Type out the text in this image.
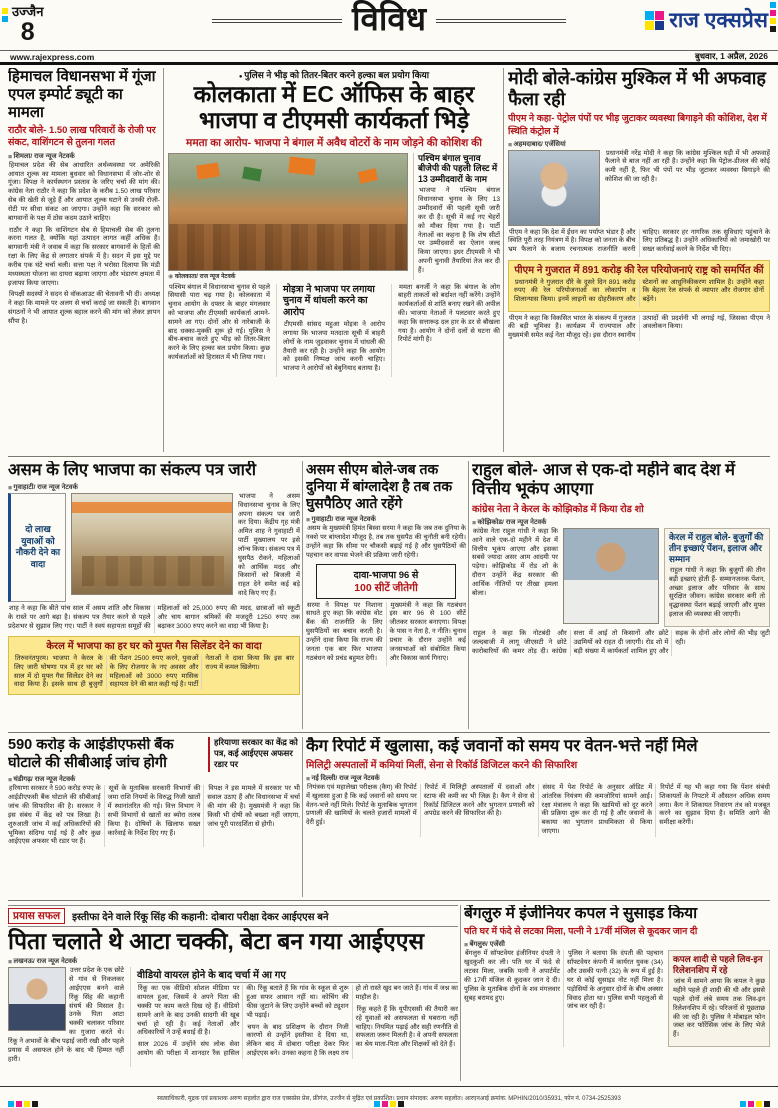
उज्जैन
8	विविध	राज एक्सप्रेस
www.rajexpress.com	बुधवार, 1 अप्रैल, 2026
हिमाचल विधानसभा में गूंजा एपल इम्पोर्ट ड्यूटी का मामला
राठौर बोले- 1.50 लाख परिवारों के रोजी पर संकट, वाशिंगटन से तुलना गलत
◼ शिमला/ राज न्यूज नेटवर्क

हिमाचल प्रदेश की सेब आधारित अर्थव्यवस्था पर अमेरिकी आयात शुल्क का मामला बुधवार को विधानसभा में जोर-शोर से गूंजा। विपक्ष ने कार्यस्थगन प्रस्ताव के जरिए चर्चा की मांग की। कांग्रेस नेता राठौर ने कहा कि प्रदेश के करीब 1.50 लाख परिवार सेब की खेती से जुड़े हैं और आयात शुल्क घटाने से उनकी रोजी-रोटी पर सीधा संकट आ जाएगा। उन्होंने कहा कि सरकार को बागवानों के पक्ष में ठोस कदम उठाने चाहिए।

राठौर ने कहा कि वाशिंगटन सेब से हिमाचली सेब की तुलना करना गलत है, क्योंकि यहां उत्पादन लागत कहीं अधिक है। बागवानी मंत्री ने जवाब में कहा कि सरकार बागवानों के हितों की रक्षा के लिए केंद्र से लगातार संपर्क में है। सदन में इस मुद्दे पर करीब एक घंटे चर्चा चली। सत्ता पक्ष ने भरोसा दिलाया कि मंडी मध्यस्थता योजना का दायरा बढ़ाया जाएगा और भंडारण क्षमता में इजाफा किया जाएगा।

विपक्षी सदस्यों ने सदन से वॉकआउट की चेतावनी भी दी। अध्यक्ष ने कहा कि मामले पर अलग से चर्चा कराई जा सकती है। बागवान संगठनों ने भी आयात शुल्क बहाल करने की मांग को लेकर ज्ञापन सौंपा है।

● पुलिस ने भीड़ को तितर-बितर करने हल्का बल प्रयोग किया
कोलकाता में EC ऑफिस के बाहर भाजपा व टीएमसी कार्यकर्ता भिड़े
ममता का आरोप- भाजपा ने बंगाल में अवैध वोटरों के नाम जोड़ने की कोशिश की
◉ कोलकाता/ राज न्यूज नेटवर्क
पश्चिम बंगाल चुनाव बीजेपी की पहली लिस्ट में 13 उम्मीदवारों के नाम

भाजपा ने पश्चिम बंगाल विधानसभा चुनाव के लिए 13 उम्मीदवारों की पहली सूची जारी कर दी है। सूची में कई नए चेहरों को मौका दिया गया है। पार्टी नेताओं का कहना है कि शेष सीटों पर उम्मीदवारों का ऐलान जल्द किया जाएगा। इधर टीएमसी ने भी अपनी चुनावी तैयारियां तेज कर दी हैं।

पश्चिम बंगाल में विधानसभा चुनाव से पहले सियासी पारा चढ़ गया है। कोलकाता में चुनाव आयोग के दफ्तर के बाहर मंगलवार को भाजपा और टीएमसी कार्यकर्ता आमने-सामने आ गए। दोनों ओर से नारेबाजी के बाद धक्का-मुक्की शुरू हो गई। पुलिस ने बीच-बचाव करते हुए भीड़ को तितर-बितर करने के लिए हल्का बल प्रयोग किया। कुछ कार्यकर्ताओं को हिरासत में भी लिया गया।

मोइत्रा ने भाजपा पर लगाया चुनाव में धांधली करने का आरोप

टीएमसी सांसद महुआ मोइत्रा ने आरोप लगाया कि भाजपा मतदाता सूची में बाहरी लोगों के नाम जुड़वाकर चुनाव में धांधली की तैयारी कर रही है। उन्होंने कहा कि आयोग को इसकी निष्पक्ष जांच करनी चाहिए। भाजपा ने आरोपों को बेबुनियाद बताया है।

ममता बनर्जी ने कहा कि बंगाल के लोग बाहरी ताकतों को बर्दाश्त नहीं करेंगे। उन्होंने कार्यकर्ताओं से शांति बनाए रखने की अपील की। भाजपा नेताओं ने पलटवार करते हुए कहा कि सत्तारूढ़ दल हार के डर से बौखला गया है। आयोग ने दोनों दलों से घटना की रिपोर्ट मांगी है।

मोदी बोले-कांग्रेस मुश्किल में भी अफवाह फैला रही
पीएम ने कहा- पेट्रोल पंपों पर भीड़ जुटाकर व्यवस्था बिगाड़ने की कोशिश, देश में स्थिति कंट्रोल में
◼ अहमदाबाद/ एजेंसियां

प्रधानमंत्री नरेंद्र मोदी ने कहा कि कांग्रेस मुश्किल घड़ी में भी अफवाहें फैलाने से बाज नहीं आ रही है। उन्होंने कहा कि पेट्रोल-डीजल की कोई कमी नहीं है, फिर भी पंपों पर भीड़ जुटाकर व्यवस्था बिगाड़ने की कोशिश की जा रही है।

पीएम ने कहा कि देश में ईंधन का पर्याप्त भंडार है और स्थिति पूरी तरह नियंत्रण में है। विपक्ष को जनता के बीच भ्रम फैलाने के बजाय रचनात्मक राजनीति करनी चाहिए। सरकार हर नागरिक तक सुविधाएं पहुंचाने के लिए प्रतिबद्ध है। उन्होंने अधिकारियों को जमाखोरी पर सख्त कार्रवाई करने के निर्देश भी दिए।

पीएम ने गुजरात में 891 करोड़ की रेल परियोजनाएं राष्ट्र को समर्पित कीं

प्रधानमंत्री ने गुजरात दौरे के दूसरे दिन 891 करोड़ रुपए की रेल परियोजनाओं का लोकार्पण व शिलान्यास किया। इनमें लाइनों का दोहरीकरण और स्टेशनों का आधुनिकीकरण शामिल है। उन्होंने कहा कि बेहतर रेल संपर्क से व्यापार और रोजगार दोनों बढ़ेंगे।

पीएम ने कहा कि विकसित भारत के संकल्प में गुजरात की बड़ी भूमिका है। कार्यक्रम में राज्यपाल और मुख्यमंत्री समेत कई नेता मौजूद रहे। इस दौरान स्थानीय उत्पादों की प्रदर्शनी भी लगाई गई, जिसका पीएम ने अवलोकन किया।

असम के लिए भाजपा का संकल्प पत्र जारी
◼ गुवाहाटी/ राज न्यूज नेटवर्क
दो लाख युवाओं को नौकरी देने का वादा

भाजपा ने असम विधानसभा चुनाव के लिए अपना संकल्प पत्र जारी कर दिया। केंद्रीय गृह मंत्री अमित शाह ने गुवाहाटी में पार्टी मुख्यालय पर इसे लॉन्च किया। संकल्प पत्र में घुसपैठ रोकने, महिलाओं को आर्थिक मदद और किसानों को बिजली में राहत देने समेत कई बड़े वादे किए गए हैं।

शाह ने कहा कि बीते पांच साल में असम शांति और विकास के रास्ते पर आगे बढ़ा है। संकल्प पत्र तैयार करने से पहले प्रदेशभर से सुझाव लिए गए। पार्टी ने स्वयं सहायता समूहों की महिलाओं को 25,000 रुपए की मदद, छात्राओं को स्कूटी और चाय बागान श्रमिकों की मजदूरी 1250 रुपए तक बढ़ाकर 3000 रुपए करने का वादा भी किया है।

केरल में भाजपा का हर घर को मुफ्त गैस सिलेंडर देने का वादा

तिरुवनंतपुरम। भाजपा ने केरल के लिए जारी घोषणा पत्र में हर घर को साल में दो मुफ्त गैस सिलेंडर देने का वादा किया है। इसके साथ ही बुजुर्गों की पेंशन 2500 रुपए करने, युवाओं के लिए रोजगार के नए अवसर और महिलाओं को 3000 रुपए मासिक सहायता देने की बात कही गई है। पार्टी नेताओं ने दावा किया कि इस बार राज्य में कमल खिलेगा।

असम सीएम बोले-जब तक दुनिया में बांग्लादेश है तब तक घुसपैठिए आते रहेंगे
◼ गुवाहाटी/ राज न्यूज नेटवर्क

असम के मुख्यमंत्री हिमंत बिस्वा सरमा ने कहा कि जब तक दुनिया के नक्शे पर बांग्लादेश मौजूद है, तब तक घुसपैठ की चुनौती बनी रहेगी। उन्होंने कहा कि सीमा पर चौकसी बढ़ाई गई है और घुसपैठियों की पहचान कर वापस भेजने की प्रक्रिया जारी रहेगी।

दावा-भाजपा 96 से
100 सीटें जीतेगी

सरमा ने विपक्ष पर निशाना साधते हुए कहा कि कांग्रेस वोट बैंक की राजनीति के लिए घुसपैठियों का बचाव करती है। उन्होंने दावा किया कि राज्य की जनता एक बार फिर भाजपा गठबंधन को प्रचंड बहुमत देगी।

मुख्यमंत्री ने कहा कि गठबंधन इस बार 96 से 100 सीटें जीतकर सरकार बनाएगा। विपक्ष के पास न नेता है, न नीति। चुनाव प्रचार के दौरान उन्होंने कई जनसभाओं को संबोधित किया और विकास कार्य गिनाए।

राहुल बोले- आज से एक-दो महीने बाद देश में वित्तीय भूकंप आएगा
कांग्रेस नेता ने केरल के कोझिकोड में किया रोड शो
◼ कोझिकोड/ राज न्यूज नेटवर्क

कांग्रेस नेता राहुल गांधी ने कहा कि आने वाले एक-दो महीने में देश में वित्तीय भूकंप आएगा और इसका सबसे ज्यादा असर आम आदमी पर पड़ेगा। कोझिकोड में रोड शो के दौरान उन्होंने केंद्र सरकार की आर्थिक नीतियों पर तीखा हमला बोला।

केरल में राहुल बोले- बुजुर्गों की तीन इच्छाएं पेंशन, इलाज और सम्मान

राहुल गांधी ने कहा कि बुजुर्गों की तीन बड़ी इच्छाएं होती हैं- सम्मानजनक पेंशन, अच्छा इलाज और परिवार के साथ सुरक्षित जीवन। कांग्रेस सरकार बनी तो वृद्धावस्था पेंशन बढ़ाई जाएगी और मुफ्त इलाज की व्यवस्था की जाएगी।

राहुल ने कहा कि नोटबंदी और जल्दबाजी में लागू जीएसटी ने छोटे कारोबारियों की कमर तोड़ दी। कांग्रेस सत्ता में आई तो किसानों और छोटे उद्यमियों को राहत दी जाएगी। रोड शो में बड़ी संख्या में कार्यकर्ता शामिल हुए और सड़क के दोनों ओर लोगों की भीड़ जुटी रही।

590 करोड़ के आईडीएफसी बैंक घोटाले की सीबीआई जांच होगी
हरियाणा सरकार का केंद्र को पत्र, कई आईएएस अफसर रडार पर
◼ चंडीगढ़/ राज न्यूज नेटवर्क

हरियाणा सरकार ने 590 करोड़ रुपए के आईडीएफसी बैंक घोटाले की सीबीआई जांच की सिफारिश की है। सरकार ने इस संबंध में केंद्र को पत्र लिखा है। शुरुआती जांच में कई अधिकारियों की भूमिका संदिग्ध पाई गई है और कुछ आईएएस अफसर भी रडार पर हैं।

सूत्रों के मुताबिक सरकारी विभागों की जमा राशि नियमों के विरुद्ध निजी खातों में स्थानांतरित की गई। वित्त विभाग ने सभी विभागों से खातों का ब्योरा तलब किया है। दोषियों के खिलाफ सख्त कार्रवाई के निर्देश दिए गए हैं।

विपक्ष ने इस मामले में सरकार पर भी सवाल उठाए हैं और विधानसभा में चर्चा की मांग की है। मुख्यमंत्री ने कहा कि किसी भी दोषी को बख्शा नहीं जाएगा, जांच पूरी पारदर्शिता से होगी।

कैग रिपोर्ट में खुलासा, कई जवानों को समय पर वेतन-भत्ते नहीं मिले
मिलिट्री अस्पतालों में कमियां मिलीं, सेना से रिकॉर्ड डिजिटल करने की सिफारिश
◼ नई दिल्ली/ राज न्यूज नेटवर्क

नियंत्रक एवं महालेखा परीक्षक (कैग) की रिपोर्ट में खुलासा हुआ है कि कई जवानों को समय पर वेतन-भत्ते नहीं मिले। रिपोर्ट के मुताबिक भुगतान प्रणाली की खामियों के चलते हजारों मामलों में देरी हुई।

रिपोर्ट में मिलिट्री अस्पतालों में दवाओं और स्टाफ की कमी का भी जिक्र है। कैग ने सेना से रिकॉर्ड डिजिटल करने और भुगतान प्रणाली को अपग्रेड करने की सिफारिश की है।

संसद में पेश रिपोर्ट के अनुसार ऑडिट में आंतरिक नियंत्रण की कमजोरियां सामने आईं। रक्षा मंत्रालय ने कहा कि खामियों को दूर करने की प्रक्रिया शुरू कर दी गई है और जवानों के बकाया का भुगतान प्राथमिकता से किया जाएगा।

रिपोर्ट में यह भी कहा गया कि पेंशन संबंधी शिकायतों के निपटारे में औसतन अधिक समय लगा। कैग ने शिकायत निवारण तंत्र को मजबूत करने का सुझाव दिया है। समिति आगे की समीक्षा करेगी।

प्रयास सफल	इस्तीफा देने वाले रिंकू सिंह की कहानी: दोबारा परीक्षा देकर आईएएस बने
पिता चलाते थे आटा चक्की, बेटा बन गया आईएएस
◼ लखनऊ/ राज न्यूज नेटवर्क

उत्तर प्रदेश के एक छोटे से गांव से निकलकर आईएएस बनने वाले रिंकू सिंह की कहानी संघर्ष की मिसाल है। उनके पिता आटा चक्की चलाकर परिवार का गुजारा करते थे। रिंकू ने अभावों के बीच पढ़ाई जारी रखी और पहले प्रयास में असफल होने के बाद भी हिम्मत नहीं हारी।

वीडियो वायरल होने के बाद चर्चा में आ गए

रिंकू का एक वीडियो सोशल मीडिया पर वायरल हुआ, जिसमें वे अपने पिता की चक्की पर काम करते दिख रहे हैं। वीडियो सामने आने के बाद उनकी सादगी की खूब चर्चा हो रही है। कई नेताओं और अधिकारियों ने उन्हें बधाई दी है।

साल 2026 में उन्होंने संघ लोक सेवा आयोग की परीक्षा में शानदार रैंक हासिल की। रिंकू बताते हैं कि गांव के स्कूल से शुरू हुआ सफर आसान नहीं था। कोचिंग की फीस जुटाने के लिए उन्होंने बच्चों को ट्यूशन भी पढ़ाई।

चयन के बाद प्रशिक्षण के दौरान निजी कारणों से उन्होंने इस्तीफा दे दिया था, लेकिन बाद में दोबारा परीक्षा देकर फिर आईएएस बने। उनका कहना है कि लक्ष्य तय हो तो रास्ते खुद बन जाते हैं। गांव में जश्न का माहौल है।

रिंकू कहते हैं कि यूपीएससी की तैयारी कर रहे युवाओं को असफलता से घबराना नहीं चाहिए। नियमित पढ़ाई और सही रणनीति से सफलता जरूर मिलती है। वे अपनी सफलता का श्रेय माता-पिता और शिक्षकों को देते हैं।

बेंगलुरु में इंजीनियर कपल ने सुसाइड किया
पति घर में फंदे से लटका मिला, पत्नी ने 17वीं मंजिल से कूदकर जान दी
◼ बेंगलुरु/ एजेंसी

बेंगलुरु में सॉफ्टवेयर इंजीनियर दंपती ने खुदकुशी कर ली। पति घर में फंदे से लटका मिला, जबकि पत्नी ने अपार्टमेंट की 17वीं मंजिल से कूदकर जान दे दी। पुलिस के मुताबिक दोनों के शव मंगलवार सुबह बरामद हुए।

पुलिस ने बताया कि दंपती की पहचान सॉफ्टवेयर कंपनी में कार्यरत युवक (34) और उसकी पत्नी (32) के रूप में हुई है। घर से कोई सुसाइड नोट नहीं मिला है। पड़ोसियों के अनुसार दोनों के बीच अक्सर विवाद होता था। पुलिस सभी पहलुओं से जांच कर रही है।

कपल शादी से पहले लिव-इन रिलेशनशिप में रहे

जांच में सामने आया कि कपल ने कुछ महीने पहले ही शादी की थी और इससे पहले दोनों लंबे समय तक लिव-इन रिलेशनशिप में रहे। परिजनों से पूछताछ की जा रही है। पुलिस ने मोबाइल फोन जब्त कर फॉरेंसिक जांच के लिए भेजे हैं।

स्वत्वाधिकारी, मुद्रक एवं प्रकाशक अरुण सहलोत द्वारा राज एक्सप्रेस प्रेस, फ्रीगंज, उज्जैन से मुद्रित एवं प्रकाशित। प्रधान संपादक: अरुण सहलोत। आरएनआई क्रमांक: MPHIN/2010/35931, फोन नं. 0734-2525393
